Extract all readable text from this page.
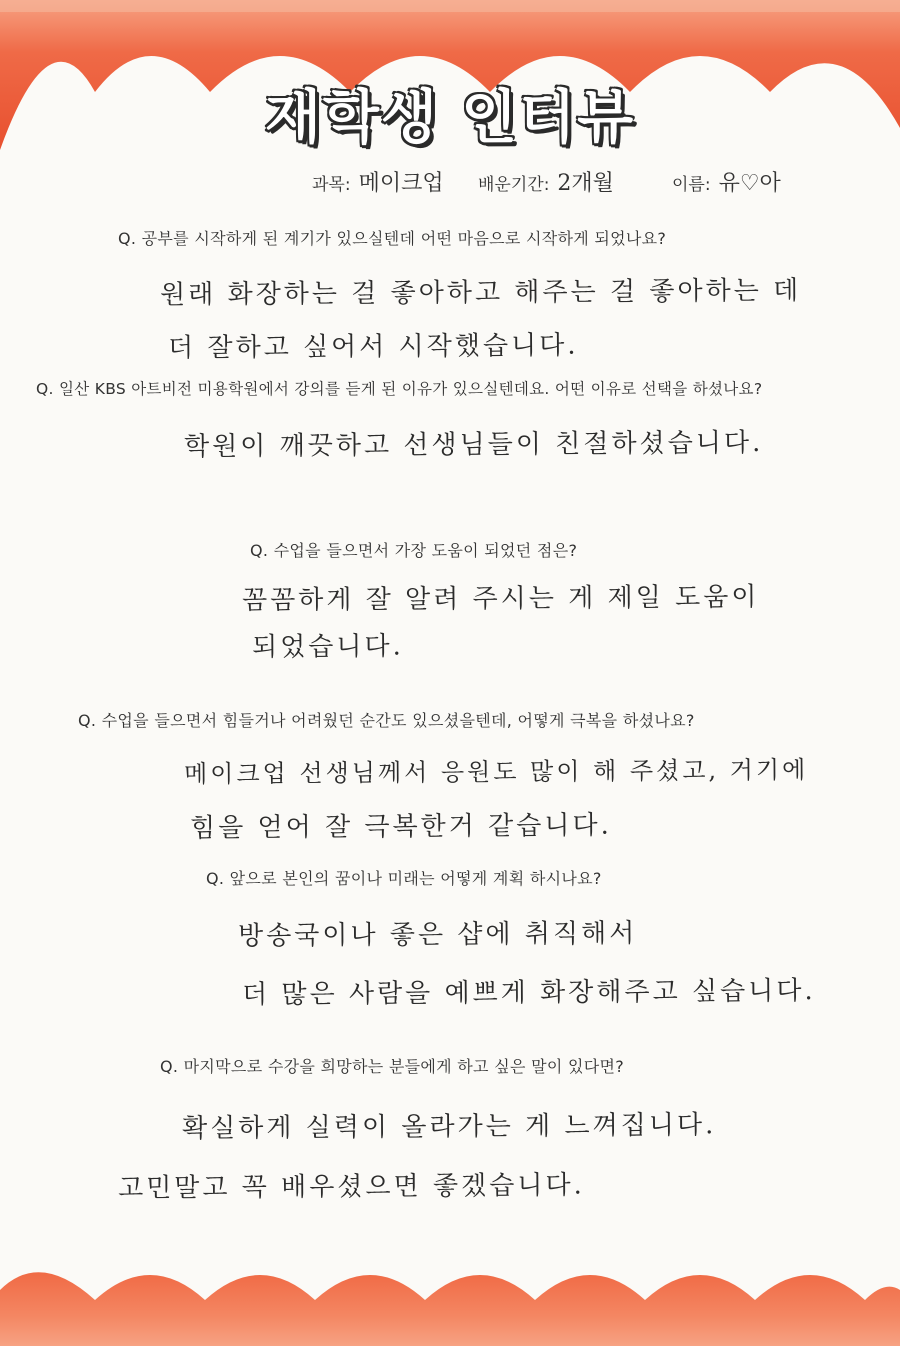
재학생 인터뷰
과목: 메이크업 배운기간: 2개월	이름: 유♡아
Q. 공부를 시작하게 된 계기가 있으실텐데 어떤 마음으로 시작하게 되었나요?
원래 화장하는 걸 좋아하고 해주는 걸 좋아하는 데
더 잘하고 싶어서 시작했습니다.
Q. 일산 KBS 아트비전 미용학원에서 강의를 듣게 된 이유가 있으실텐데요. 어떤 이유로 선택을 하셨나요?
학원이 깨끗하고 선생님들이 친절하셨습니다.
Q. 수업을 들으면서 가장 도움이 되었던 점은?
꼼꼼하게 잘 알려 주시는 게 제일 도움이
되었습니다.
Q. 수업을 들으면서 힘들거나 어려웠던 순간도 있으셨을텐데, 어떻게 극복을 하셨나요?
메이크업 선생님께서 응원도 많이 해 주셨고, 거기에
힘을 얻어 잘 극복한거 같습니다.
Q. 앞으로 본인의 꿈이나 미래는 어떻게 계획 하시나요?
방송국이나 좋은 샵에 취직해서
더 많은 사람을 예쁘게 화장해주고 싶습니다.
Q. 마지막으로 수강을 희망하는 분들에게 하고 싶은 말이 있다면?
확실하게 실력이 올라가는 게 느껴집니다.
고민말고 꼭 배우셨으면 좋겠습니다.
